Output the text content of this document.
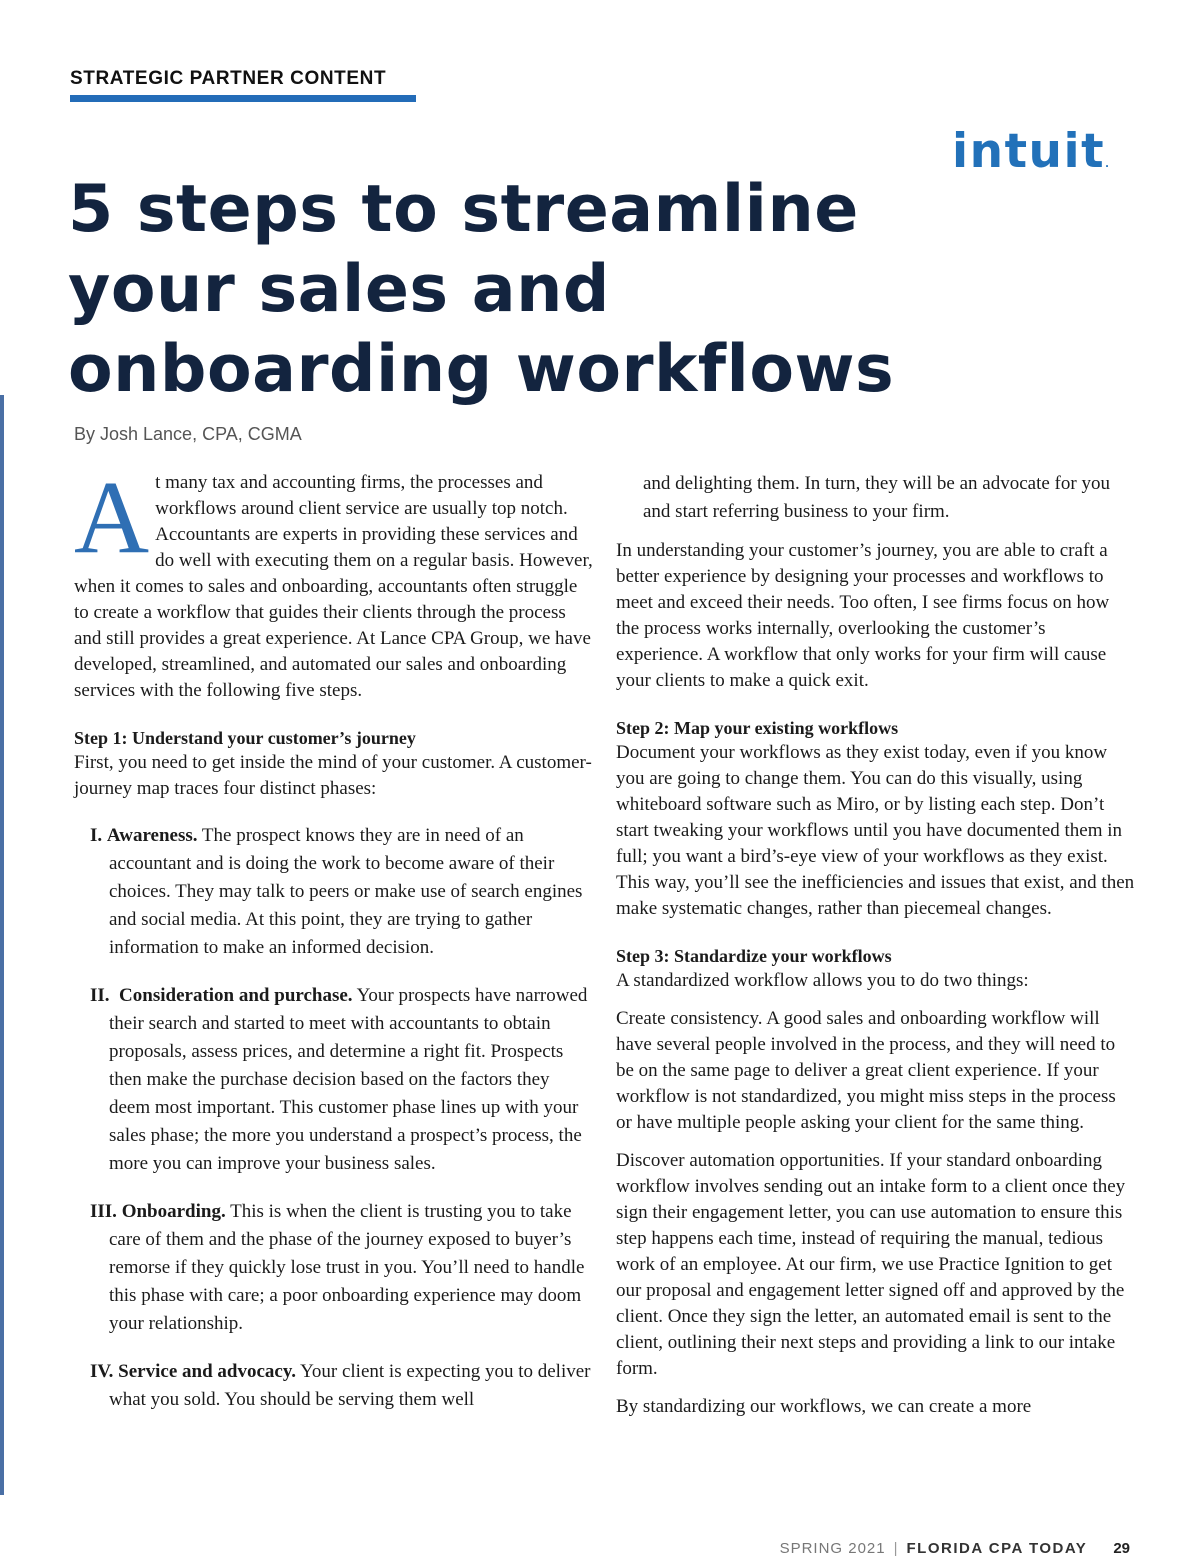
STRATEGIC PARTNER CONTENT
intuit.
5 steps to streamline your sales and onboarding workflows
By Josh Lance, CPA, CGMA

At many tax and accounting firms, the processes and workflows around client service are usually top notch. Accountants are experts in providing these services and do well with executing them on a regular basis. However, when it comes to sales and onboarding, accountants often struggle to create a workflow that guides their clients through the process and still provides a great experience. At Lance CPA Group, we have developed, streamlined, and automated our sales and onboarding services with the following five steps.

Step 1: Understand your customer’s journey
First, you need to get inside the mind of your customer. A customer-journey map traces four distinct phases:
I. Awareness. The prospect knows they are in need of an accountant and is doing the work to become aware of their choices. They may talk to peers or make use of search engines and social media. At this point, they are trying to gather information to make an informed decision.
II. Consideration and purchase. Your prospects have narrowed their search and started to meet with accountants to obtain proposals, assess prices, and determine a right fit. Prospects then make the purchase decision based on the factors they deem most important. This customer phase lines up with your sales phase; the more you understand a prospect’s process, the more you can improve your business sales.
III. Onboarding. This is when the client is trusting you to take care of them and the phase of the journey exposed to buyer’s remorse if they quickly lose trust in you. You’ll need to handle this phase with care; a poor onboarding experience may doom your relationship.
IV. Service and advocacy. Your client is expecting you to deliver what you sold. You should be serving them well
and delighting them. In turn, they will be an advocate for you and start referring business to your firm.

In understanding your customer’s journey, you are able to craft a better experience by designing your processes and workflows to meet and exceed their needs. Too often, I see firms focus on how the process works internally, overlooking the customer’s experience. A workflow that only works for your firm will cause your clients to make a quick exit.

Step 2: Map your existing workflows
Document your workflows as they exist today, even if you know you are going to change them. You can do this visually, using whiteboard software such as Miro, or by listing each step. Don’t start tweaking your workflows until you have documented them in full; you want a bird’s-eye view of your workflows as they exist. This way, you’ll see the inefficiencies and issues that exist, and then make systematic changes, rather than piecemeal changes.
Step 3: Standardize your workflows

A standardized workflow allows you to do two things:

Create consistency. A good sales and onboarding workflow will have several people involved in the process, and they will need to be on the same page to deliver a great client experience. If your workflow is not standardized, you might miss steps in the process or have multiple people asking your client for the same thing.

Discover automation opportunities. If your standard onboarding workflow involves sending out an intake form to a client once they sign their engagement letter, you can use automation to ensure this step happens each time, instead of requiring the manual, tedious work of an employee. At our firm, we use Practice Ignition to get our proposal and engagement letter signed off and approved by the client. Once they sign the letter, an automated email is sent to the client, outlining their next steps and providing a link to our intake form.

By standardizing our workflows, we can create a more

SPRING 2021 | FLORIDA CPA TODAY 29
